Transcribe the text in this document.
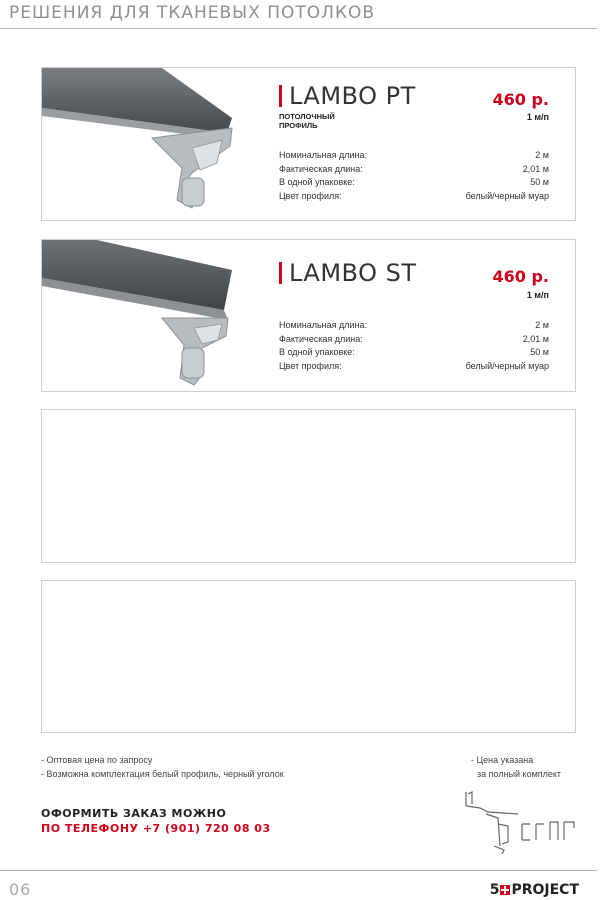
РЕШЕНИЯ ДЛЯ ТКАНЕВЫХ ПОТОЛКОВ
LAMBO PT	460 р.
1 м/п
ПОТОЛОЧНЫЙ
ПРОФИЛЬ
Номинальная длина:	2 м
Фактическая длина:	2,01 м
В одной упаковке:	50 м
Цвет профиля:	белый/черный муар
LAMBO ST	460 р.
1 м/п
Номинальная длина:	2 м
Фактическая длина:	2,01 м
В одной упаковке:	50 м
Цвет профиля:	белый/черный муар
- Оптовая цена по запросу
- Возможна комплектация белый профиль, черный уголок
- Цена указана
за полный комплект
ОФОРМИТЬ ЗАКАЗ МОЖНО
ПО ТЕЛЕФОНУ +7 (901) 720 08 03
06	5 PROJECT
